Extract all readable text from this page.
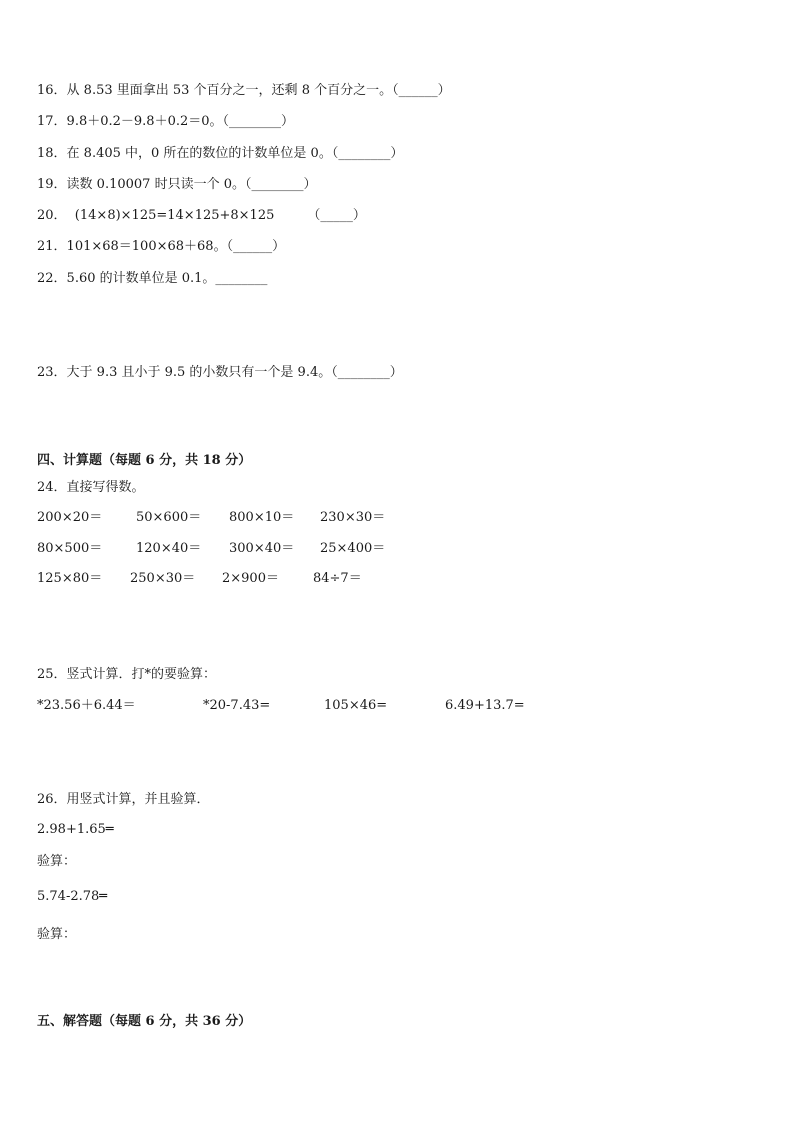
16．从 8.53 里面拿出 53 个百分之一，还剩 8 个百分之一。（______）
17．9.8＋0.2－9.8＋0.2＝0。（________）
18．在 8.405 中，0 所在的数位的计数单位是 0。（________）
19．读数 0.10007 时只读一个 0。（________）
20．  (14×8)×125=14×125+8×125        （_____）
21．101×68＝100×68＋68。（______）
22．5.60 的计数单位是 0.1。________
23．大于 9.3 且小于 9.5 的小数只有一个是 9.4。（________）
四、计算题（每题 6 分，共 18 分）
24．直接写得数。
200×20＝	50×600＝ 800×10＝ 230×30＝
80×500＝	120×40＝ 300×40＝ 25×400＝
125×80＝ 250×30＝ 2×900＝	84÷7＝
25．竖式计算．打*的要验算：
*23.56＋6.44＝	*20-7.43=	105×46=	6.49+13.7=
26．用竖式计算，并且验算．
2.98+1.65═
验算：
5.74-2.78═
验算：
五、解答题（每题 6 分，共 36 分）
